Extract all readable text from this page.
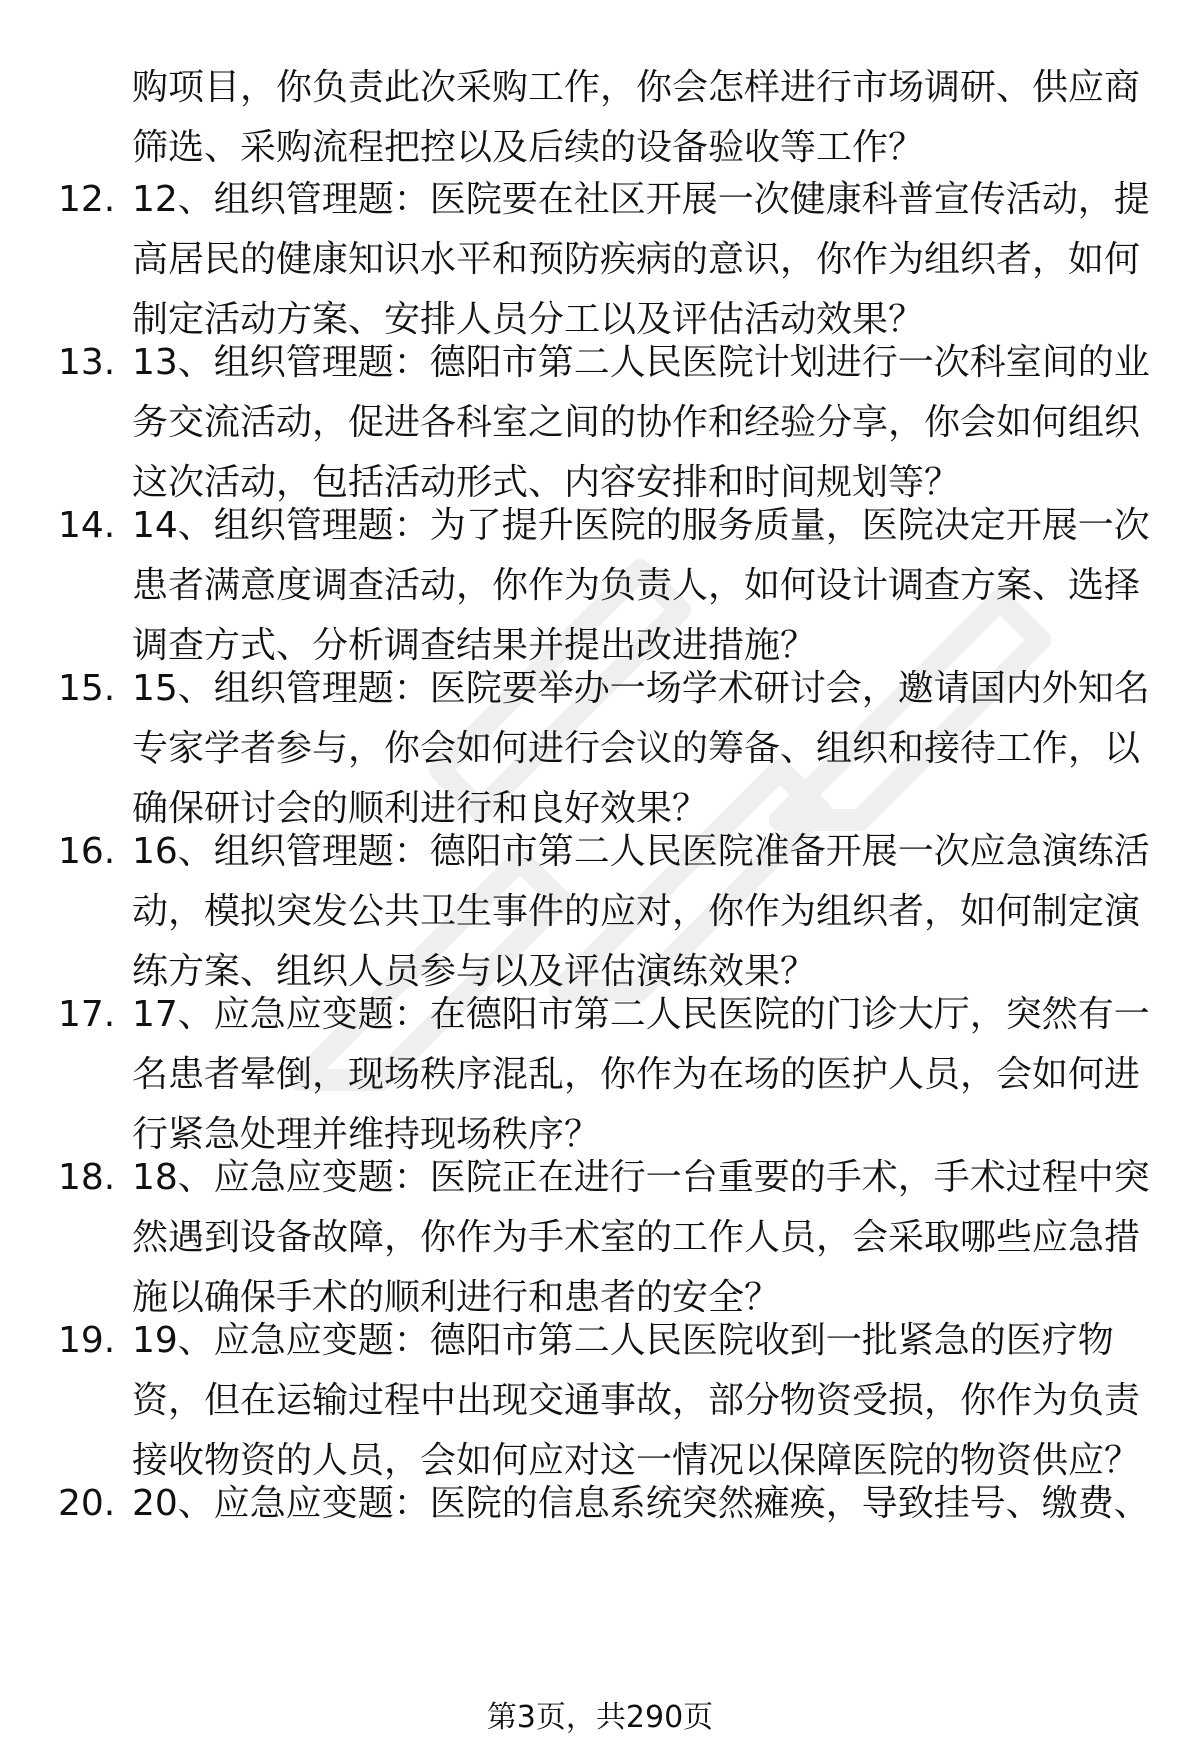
购项目，你负责此次采购工作，你会怎样进行市场调研、供应商
筛选、采购流程把控以及后续的设备验收等工作？

12. 12、组织管理题：医院要在社区开展一次健康科普宣传活动，提
高居民的健康知识水平和预防疾病的意识，你作为组织者，如何
制定活动方案、安排人员分工以及评估活动效果？

13. 13、组织管理题：德阳市第二人民医院计划进行一次科室间的业
务交流活动，促进各科室之间的协作和经验分享，你会如何组织
这次活动，包括活动形式、内容安排和时间规划等？

14. 14、组织管理题：为了提升医院的服务质量，医院决定开展一次
患者满意度调查活动，你作为负责人，如何设计调查方案、选择
调查方式、分析调查结果并提出改进措施？

15. 15、组织管理题：医院要举办一场学术研讨会，邀请国内外知名
专家学者参与，你会如何进行会议的筹备、组织和接待工作，以
确保研讨会的顺利进行和良好效果？

16. 16、组织管理题：德阳市第二人民医院准备开展一次应急演练活
动，模拟突发公共卫生事件的应对，你作为组织者，如何制定演
练方案、组织人员参与以及评估演练效果？

17. 17、应急应变题：在德阳市第二人民医院的门诊大厅，突然有一
名患者晕倒，现场秩序混乱，你作为在场的医护人员，会如何进
行紧急处理并维持现场秩序？

18. 18、应急应变题：医院正在进行一台重要的手术，手术过程中突
然遇到设备故障，你作为手术室的工作人员，会采取哪些应急措
施以确保手术的顺利进行和患者的安全？

19. 19、应急应变题：德阳市第二人民医院收到一批紧急的医疗物
资，但在运输过程中出现交通事故，部分物资受损，你作为负责
接收物资的人员，会如何应对这一情况以保障医院的物资供应？

20. 20、应急应变题：医院的信息系统突然瘫痪，导致挂号、缴费、

第3页，共290页
